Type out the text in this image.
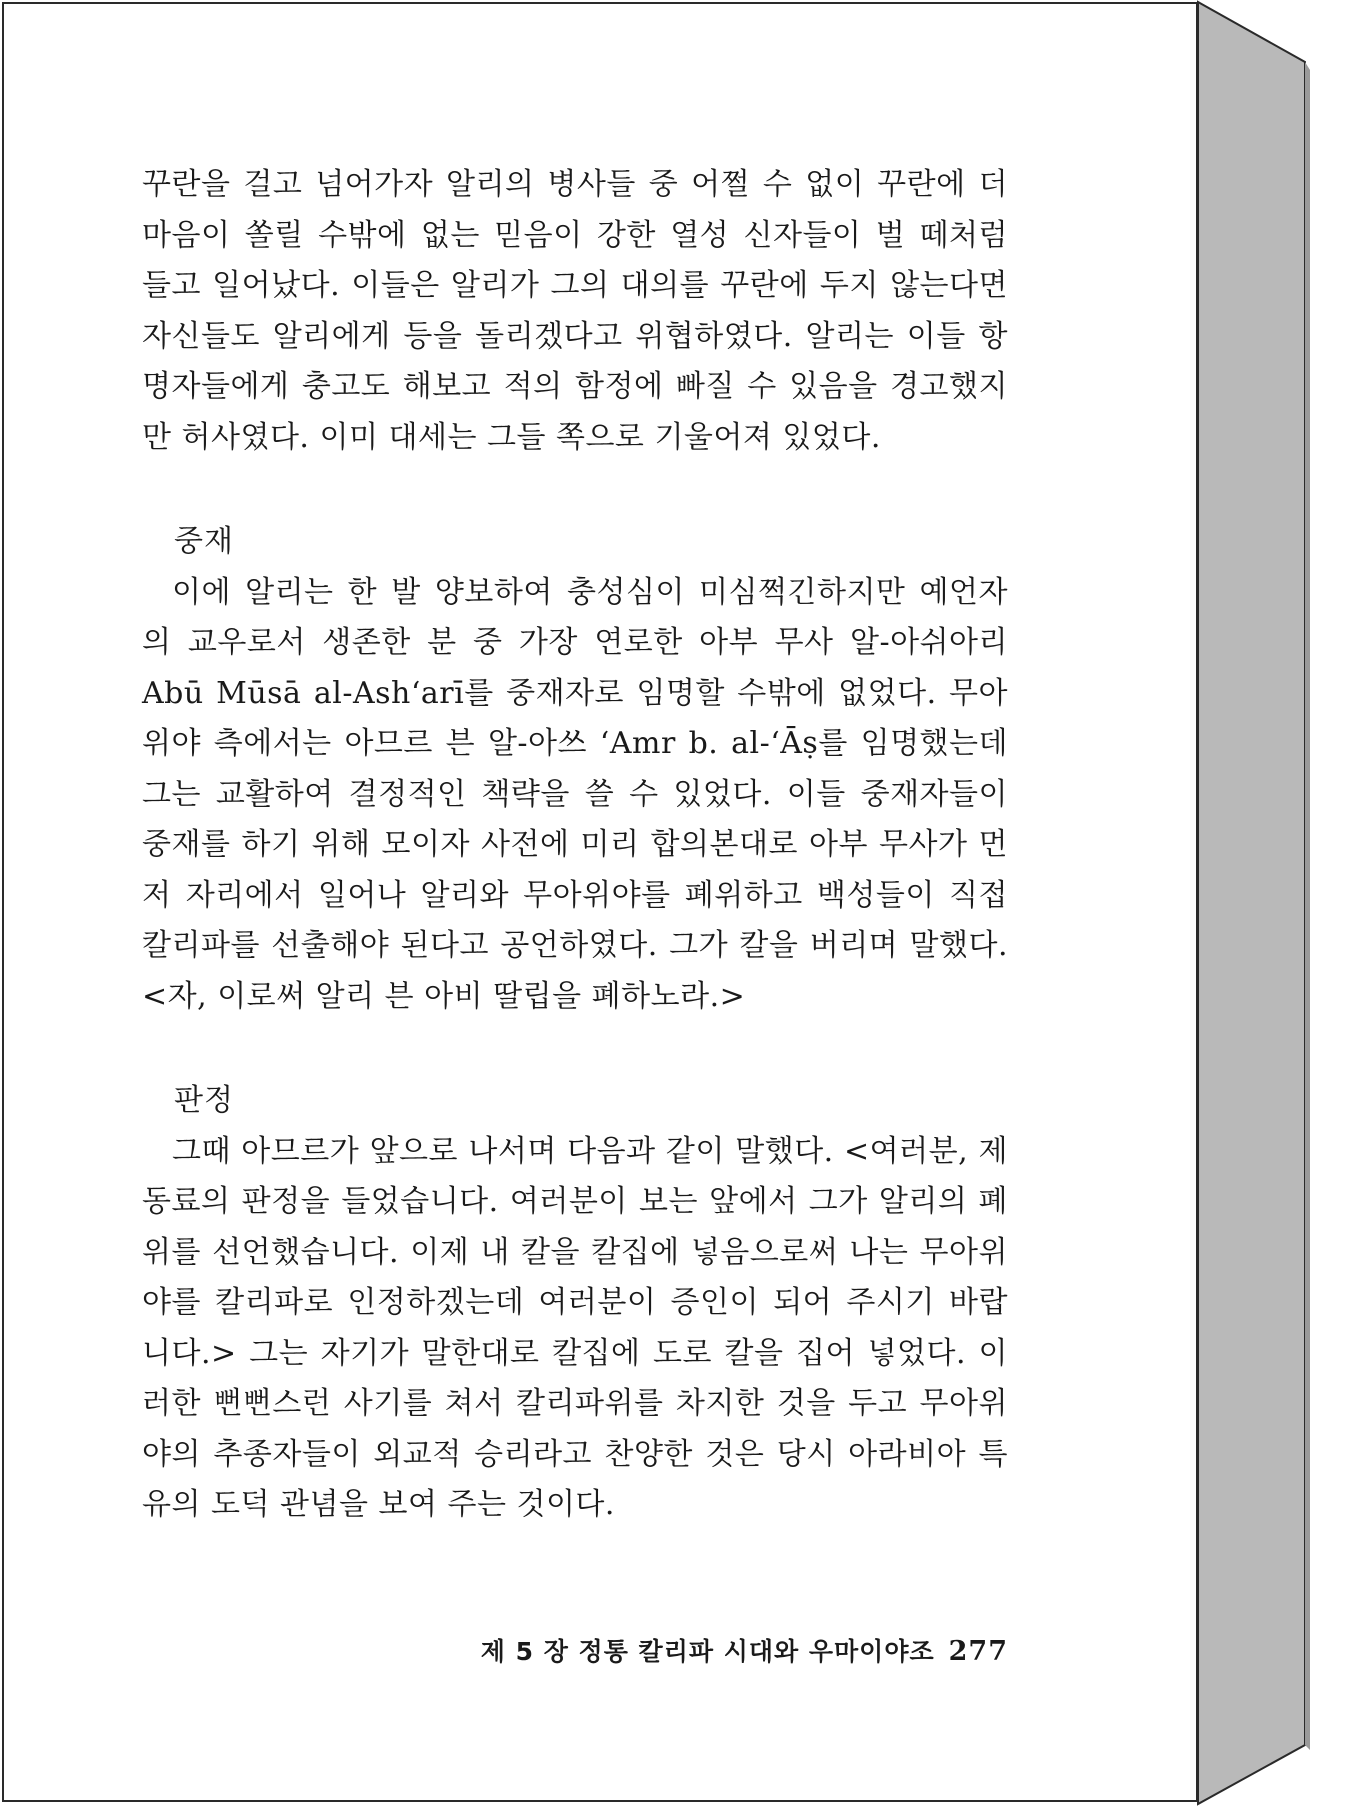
꾸란을 걸고 넘어가자 알리의 병사들 중 어쩔 수 없이 꾸란에 더 마음이 쏠릴 수밖에 없는 믿음이 강한 열성 신자들이 벌 떼처럼 들고 일어났다. 이들은 알리가 그의 대의를 꾸란에 두지 않는다면 자신들도 알리에게 등을 돌리겠다고 위협하였다. 알리는 이들 항명자들에게 충고도 해보고 적의 함정에 빠질 수 있음을 경고했지만 허사였다. 이미 대세는 그들 쪽으로 기울어져 있었다.

중재

이에 알리는 한 발 양보하여 충성심이 미심쩍긴하지만 예언자의 교우로서 생존한 분 중 가장 연로한 아부 무사 알-아쉬아리 Abū Mūsā al-Ash‘arī를 중재자로 임명할 수밖에 없었다. 무아위야 측에서는 아므르 븐 알-아쓰 ‘Amr b. al-‘Āṣ를 임명했는데 그는 교활하여 결정적인 책략을 쓸 수 있었다. 이들 중재자들이 중재를 하기 위해 모이자 사전에 미리 합의본대로 아부 무사가 먼저 자리에서 일어나 알리와 무아위야를 폐위하고 백성들이 직접 칼리파를 선출해야 된다고 공언하였다. 그가 칼을 버리며 말했다. <자, 이로써 알리 븐 아비 딸립을 폐하노라.>

판정

그때 아므르가 앞으로 나서며 다음과 같이 말했다. <여러분, 제 동료의 판정을 들었습니다. 여러분이 보는 앞에서 그가 알리의 폐위를 선언했습니다. 이제 내 칼을 칼집에 넣음으로써 나는 무아위야를 칼리파로 인정하겠는데 여러분이 증인이 되어 주시기 바랍니다.> 그는 자기가 말한대로 칼집에 도로 칼을 집어 넣었다. 이러한 뻔뻔스런 사기를 쳐서 칼리파위를 차지한 것을 두고 무아위야의 추종자들이 외교적 승리라고 찬양한 것은 당시 아라비아 특유의 도덕 관념을 보여 주는 것이다.

제 5 장 정통 칼리파 시대와 우마이야조 277
